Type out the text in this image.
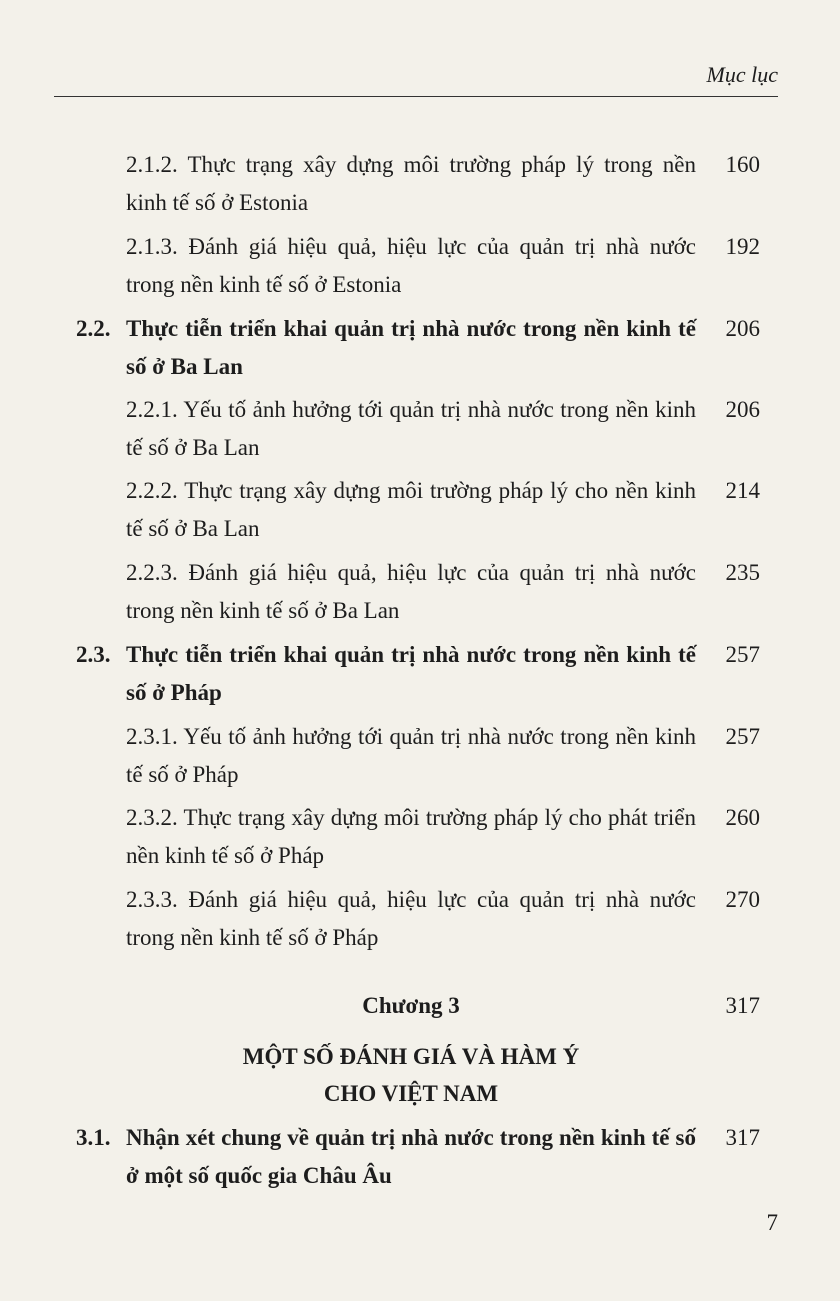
Mục lục
2.1.2. Thực trạng xây dựng môi trường pháp lý trong nền kinh tế số ở Estonia
160
2.1.3. Đánh giá hiệu quả, hiệu lực của quản trị nhà nước trong nền kinh tế số ở Estonia
192
2.2. Thực tiễn triển khai quản trị nhà nước trong nền kinh tế số ở Ba Lan
206
2.2.1. Yếu tố ảnh hưởng tới quản trị nhà nước trong nền kinh tế số ở Ba Lan
206
2.2.2. Thực trạng xây dựng môi trường pháp lý cho nền kinh tế số ở Ba Lan
214
2.2.3. Đánh giá hiệu quả, hiệu lực của quản trị nhà nước trong nền kinh tế số ở Ba Lan
235
2.3. Thực tiễn triển khai quản trị nhà nước trong nền kinh tế số ở Pháp
257
2.3.1. Yếu tố ảnh hưởng tới quản trị nhà nước trong nền kinh tế số ở Pháp
257
2.3.2. Thực trạng xây dựng môi trường pháp lý cho phát triển nền kinh tế số ở Pháp
260
2.3.3. Đánh giá hiệu quả, hiệu lực của quản trị nhà nước trong nền kinh tế số ở Pháp
270
Chương 3	317
MỘT SỐ ĐÁNH GIÁ VÀ HÀM Ý
CHO VIỆT NAM
3.1. Nhận xét chung về quản trị nhà nước trong nền kinh tế số ở một số quốc gia Châu Âu
317
7
